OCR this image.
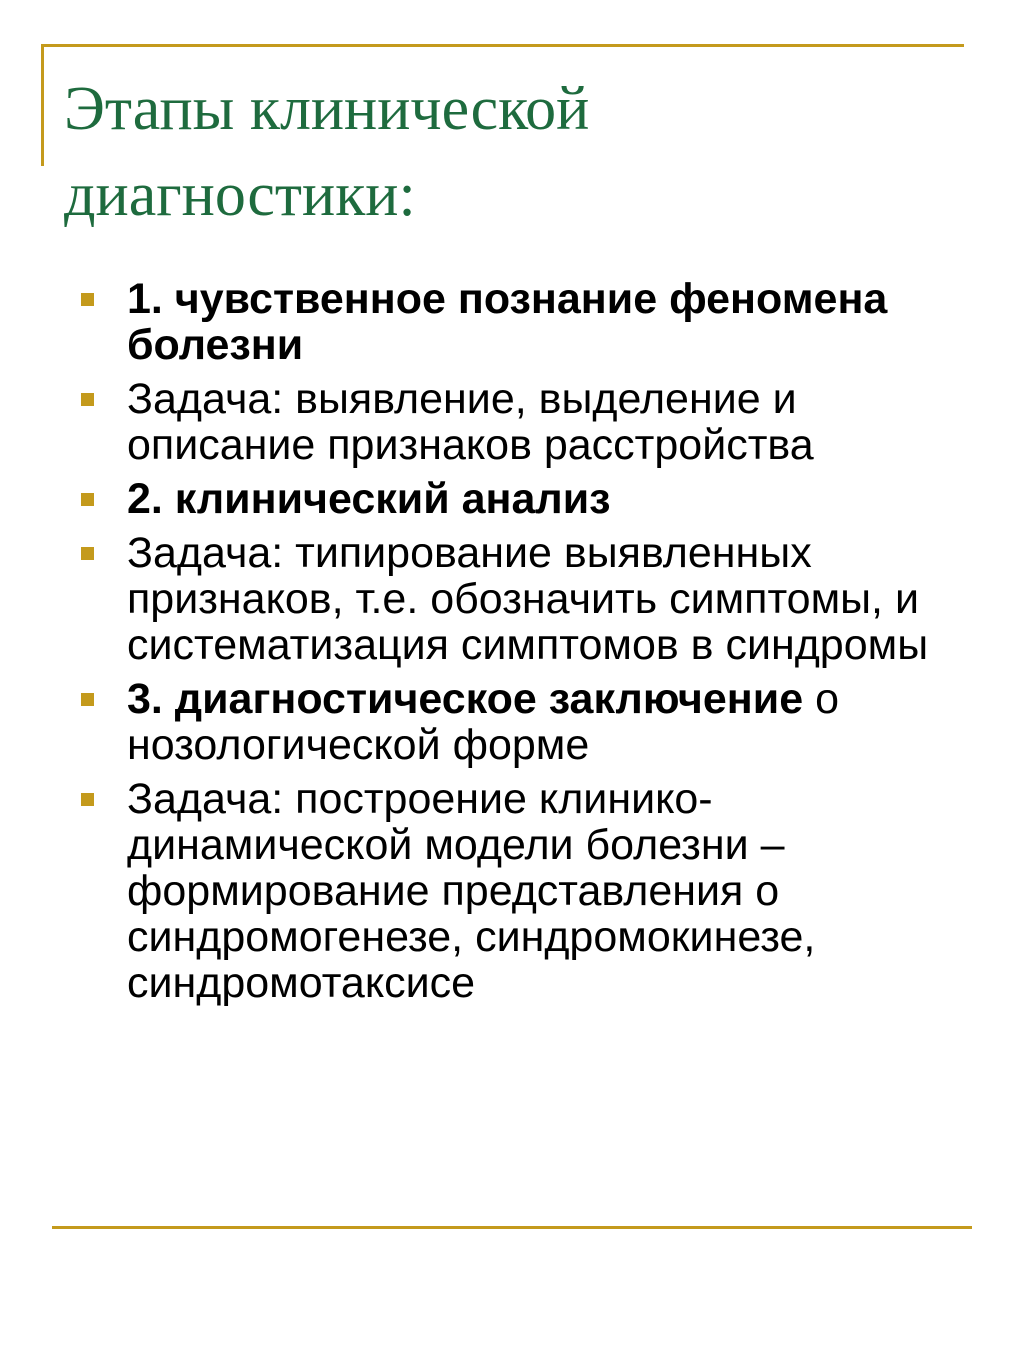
Этапы клинической
диагностики:
1. чувственное познание феномена болезни
Задача: выявление, выделение и описание признаков расстройства
2. клинический анализ
Задача: типирование выявленных признаков, т.е. обозначить симптомы, и систематизация симптомов в синдромы
3. диагностическое заключение о нозологической форме
Задача: построение клинико-динамической модели болезни – формирование представления о синдромогенезе, синдромокинезе, синдромотаксисе
